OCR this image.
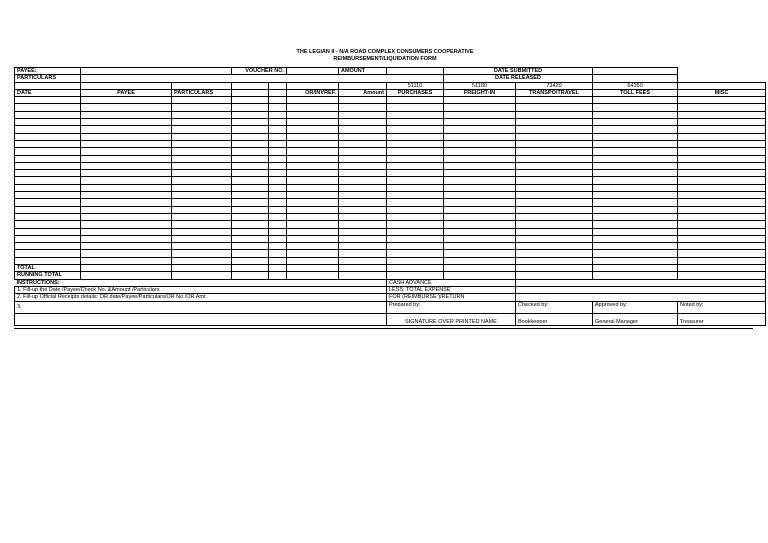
THE LEGIAN II - N/A ROAD COMPLEX CONSUMERS COOPERATIVE
REIMBURSEMENT/LIQUIDATION FORM
PAYEE:			VOUCHER NO.			AMOUNT		DATE SUBMITTED			
PARTICULARS								DATE RELEASED			
							51110	51180	73420	64160	
DATE	PAYEE	PARTICULARS			OR/INVREF.	Amount	PURCHASES	FREIGHT-IN	TRANSPO/TRAVEL	TOLL FEES	MISC

TOTAL											
RUNNING TOTAL											
INSTRUCTIONS:							CASH ADVANCE				
1. Fill-up the Date /Payee/Check No. &Amount /Particulars							LESS: TOTAL EXPENSE				
2. Fill-up Official Receipts details: OR date/Payee/Particulars/OR No./OR Amt.							FOR (REIMBURSE )/RETURN				
3.							Prepared by:		Checked by:	Approved by:	Noted by:
							SIGNATURE OVER PRINTED NAME		Bookkeeper	General Manager	Treasurer
